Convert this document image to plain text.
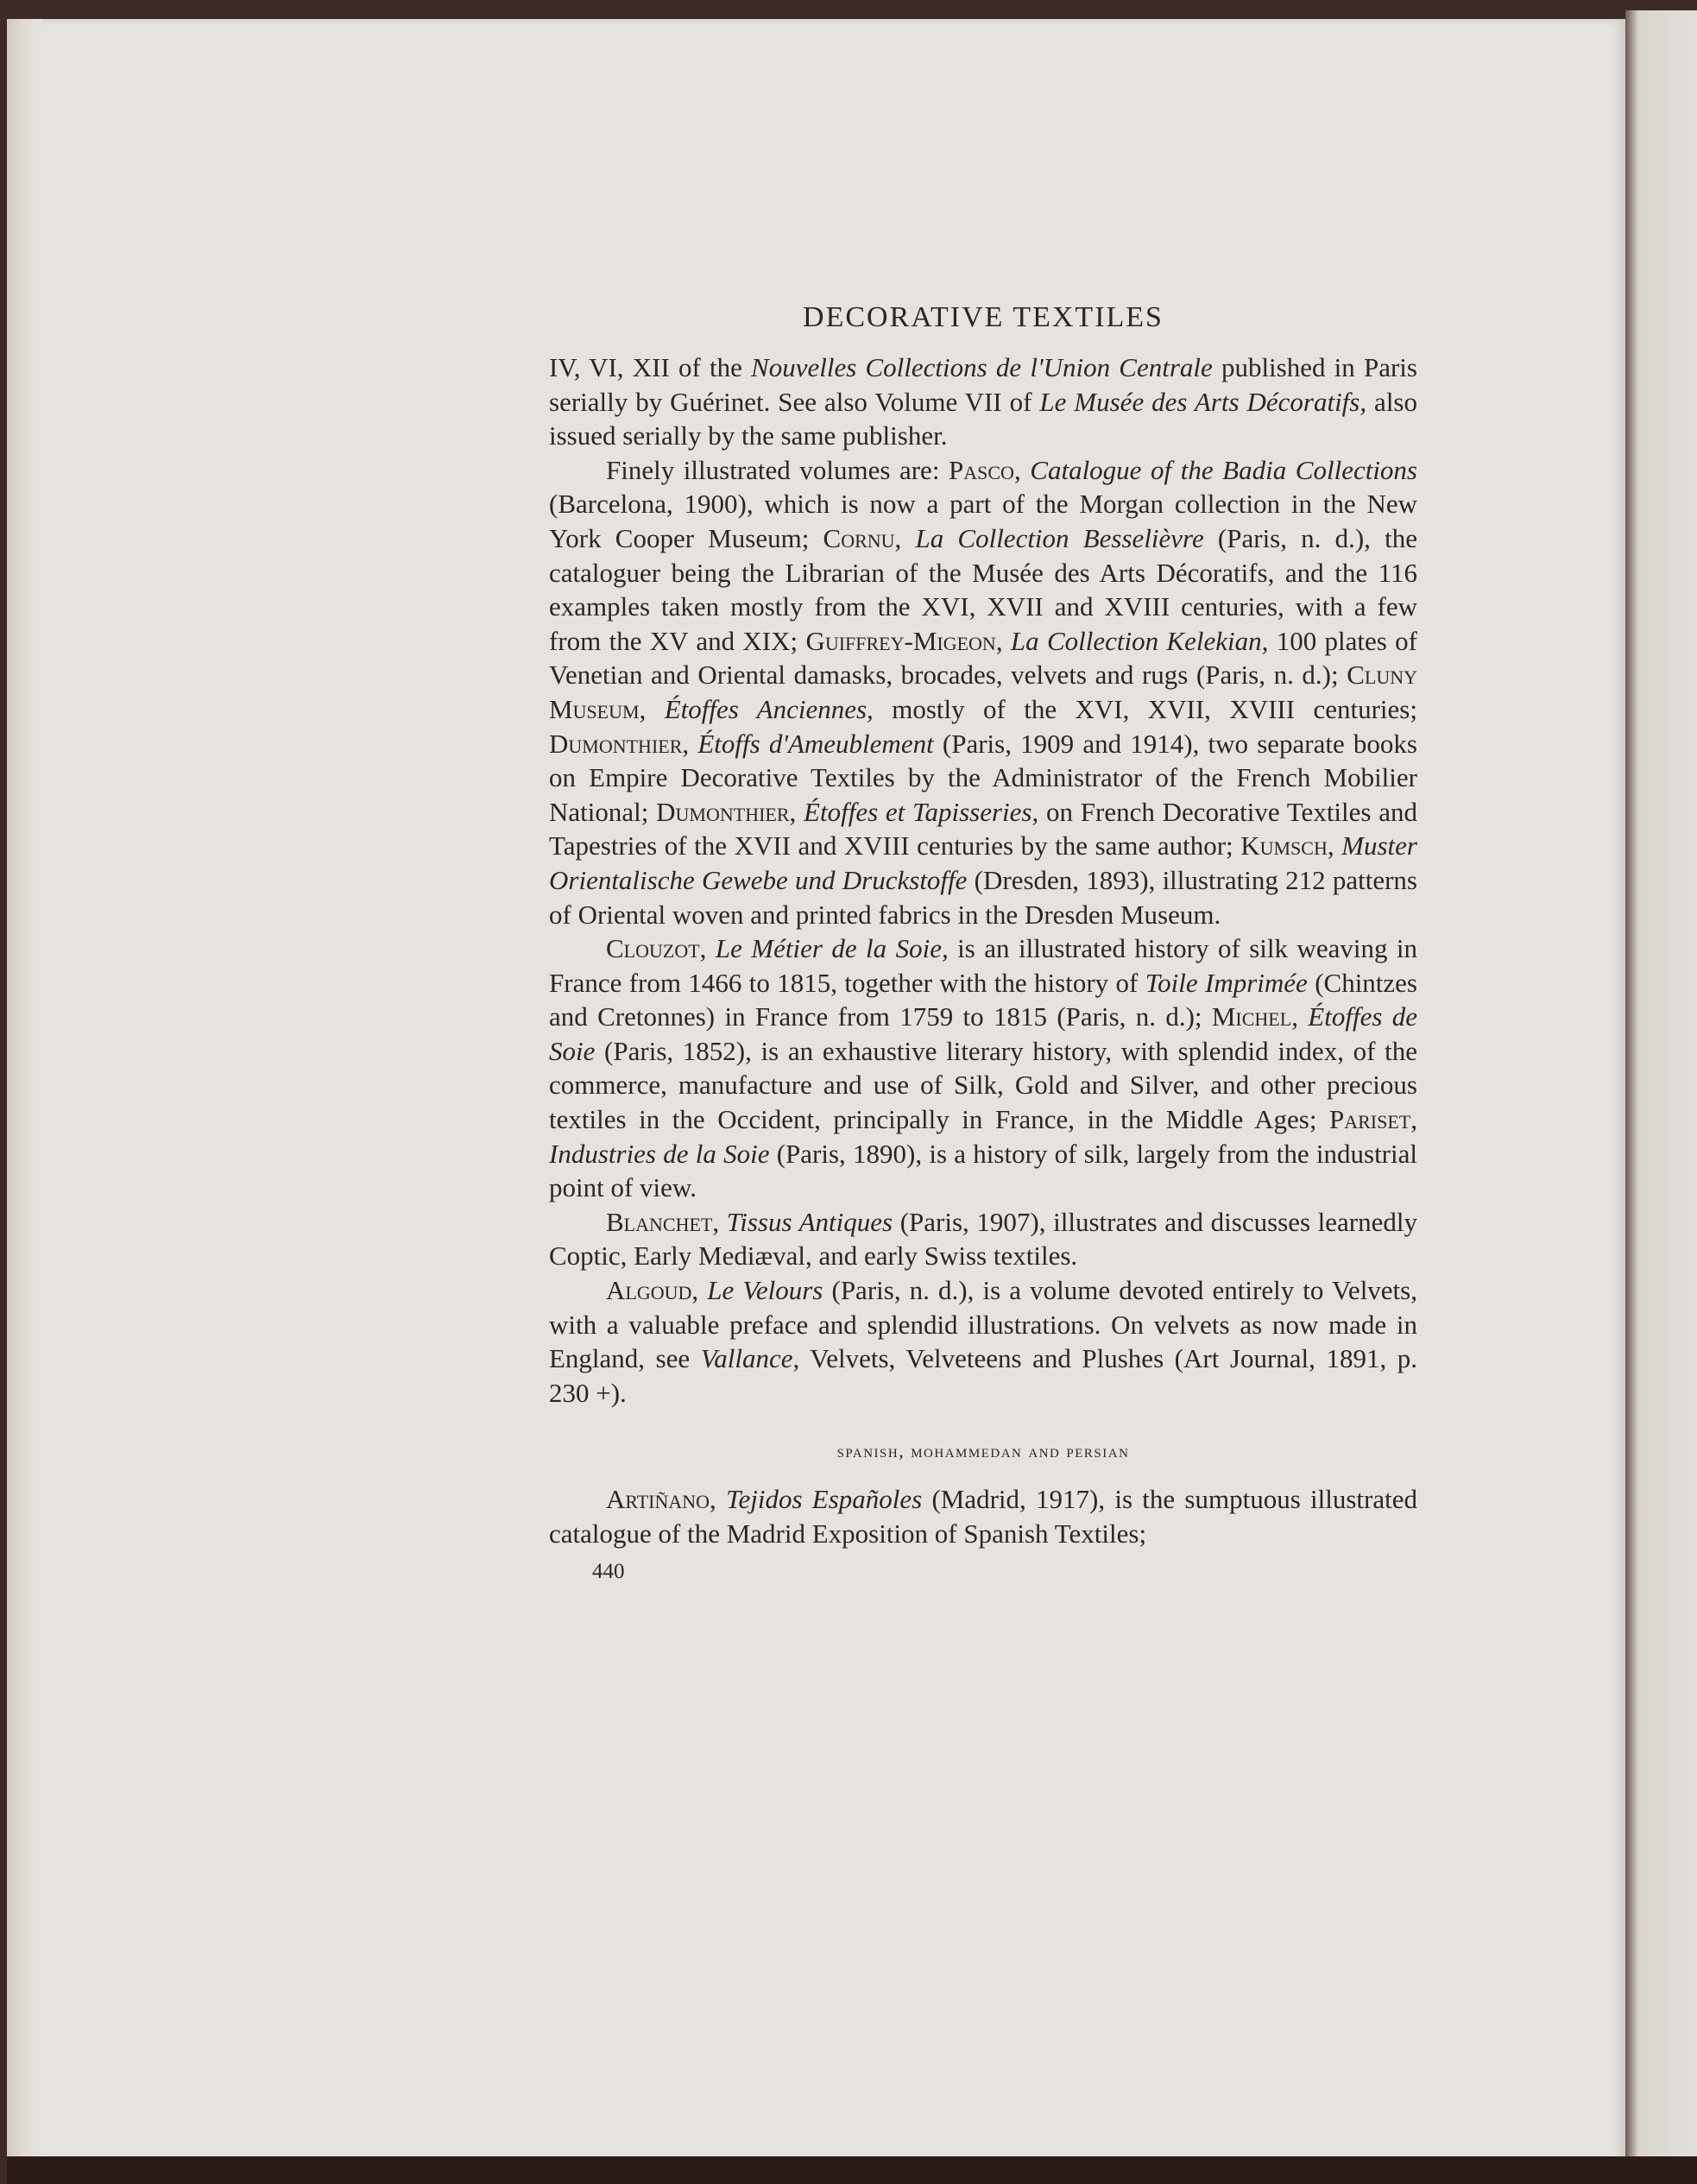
DECORATIVE TEXTILES

IV, VI, XII of the Nouvelles Collections de l'Union Centrale published in Paris serially by Guérinet. See also Volume VII of Le Musée des Arts Décoratifs, also issued serially by the same publisher.

Finely illustrated volumes are: Pasco, Catalogue of the Badia Collections (Barcelona, 1900), which is now a part of the Morgan collection in the New York Cooper Museum; Cornu, La Collection Besselièvre (Paris, n. d.), the cataloguer being the Librarian of the Musée des Arts Décoratifs, and the 116 examples taken mostly from the XVI, XVII and XVIII centuries, with a few from the XV and XIX; Guiffrey-Migeon, La Collection Kelekian, 100 plates of Venetian and Oriental damasks, brocades, velvets and rugs (Paris, n. d.); Cluny Museum, Étoffes Anciennes, mostly of the XVI, XVII, XVIII centuries; Dumonthier, Étoffs d'Ameublement (Paris, 1909 and 1914), two separate books on Empire Decorative Textiles by the Administrator of the French Mobilier National; Dumonthier, Étoffes et Tapisseries, on French Decorative Textiles and Tapestries of the XVII and XVIII centuries by the same author; Kumsch, Muster Orientalische Gewebe und Druckstoffe (Dresden, 1893), illustrating 212 patterns of Oriental woven and printed fabrics in the Dresden Museum.

Clouzot, Le Métier de la Soie, is an illustrated history of silk weaving in France from 1466 to 1815, together with the history of Toile Imprimée (Chintzes and Cretonnes) in France from 1759 to 1815 (Paris, n. d.); Michel, Étoffes de Soie (Paris, 1852), is an exhaustive literary history, with splendid index, of the commerce, manufacture and use of Silk, Gold and Silver, and other precious textiles in the Occident, principally in France, in the Middle Ages; Pariset, Industries de la Soie (Paris, 1890), is a history of silk, largely from the industrial point of view.

Blanchet, Tissus Antiques (Paris, 1907), illustrates and discusses learnedly Coptic, Early Mediæval, and early Swiss textiles.

Algoud, Le Velours (Paris, n. d.), is a volume devoted entirely to Velvets, with a valuable preface and splendid illustrations. On velvets as now made in England, see Vallance, Velvets, Velveteens and Plushes (Art Journal, 1891, p. 230 +).

spanish, mohammedan and persian

Artiñano, Tejidos Españoles (Madrid, 1917), is the sumptuous illustrated catalogue of the Madrid Exposition of Spanish Textiles;

440
